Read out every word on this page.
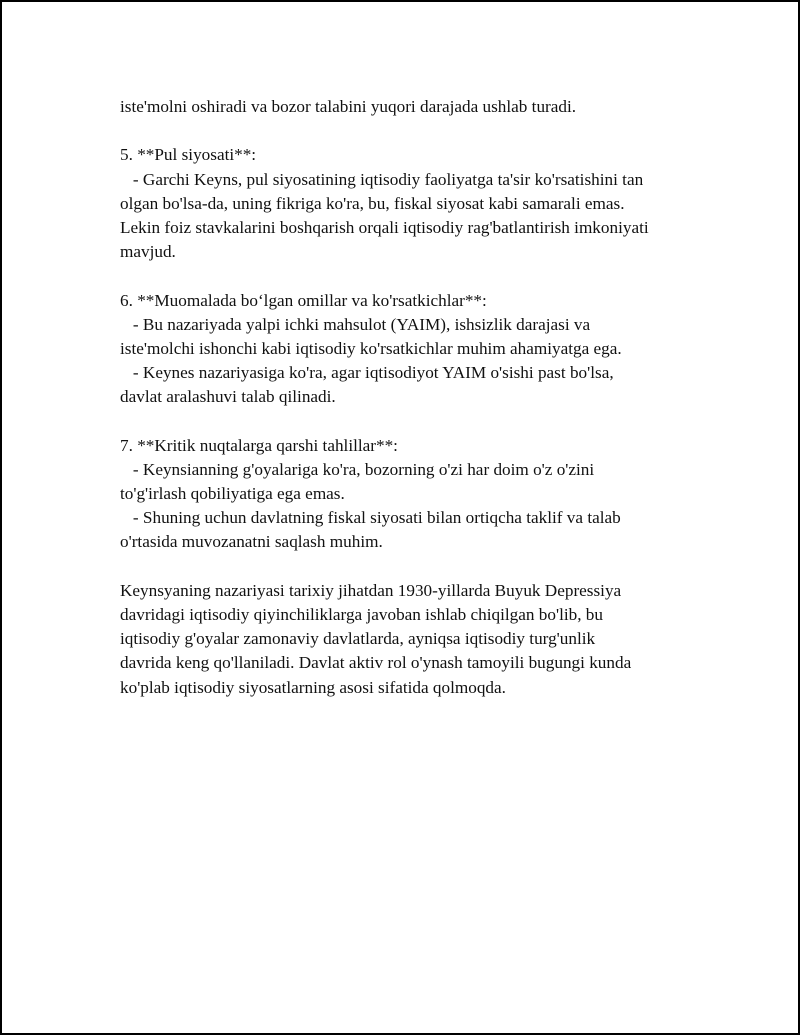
iste'molni oshiradi va bozor talabini yuqori darajada ushlab turadi.
5. **Pul siyosati**:
- Garchi Keyns, pul siyosatining iqtisodiy faoliyatga ta'sir ko'rsatishini tan
olgan bo'lsa-da, uning fikriga ko'ra, bu, fiskal siyosat kabi samarali emas.
Lekin foiz stavkalarini boshqarish orqali iqtisodiy rag'batlantirish imkoniyati
mavjud.
6. **Muomalada bo‘lgan omillar va ko'rsatkichlar**:
- Bu nazariyada yalpi ichki mahsulot (YAIM), ishsizlik darajasi va
iste'molchi ishonchi kabi iqtisodiy ko'rsatkichlar muhim ahamiyatga ega.
- Keynes nazariyasiga ko'ra, agar iqtisodiyot YAIM o'sishi past bo'lsa,
davlat aralashuvi talab qilinadi.
7. **Kritik nuqtalarga qarshi tahlillar**:
- Keynsianning g'oyalariga ko'ra, bozorning o'zi har doim o'z o'zini
to'g'irlash qobiliyatiga ega emas.
- Shuning uchun davlatning fiskal siyosati bilan ortiqcha taklif va talab
o'rtasida muvozanatni saqlash muhim.
Keynsyaning nazariyasi tarixiy jihatdan 1930-yillarda Buyuk Depressiya
davridagi iqtisodiy qiyinchiliklarga javoban ishlab chiqilgan bo'lib, bu
iqtisodiy g'oyalar zamonaviy davlatlarda, ayniqsa iqtisodiy turg'unlik
davrida keng qo'llaniladi. Davlat aktiv rol o'ynash tamoyili bugungi kunda
ko'plab iqtisodiy siyosatlarning asosi sifatida qolmoqda.
